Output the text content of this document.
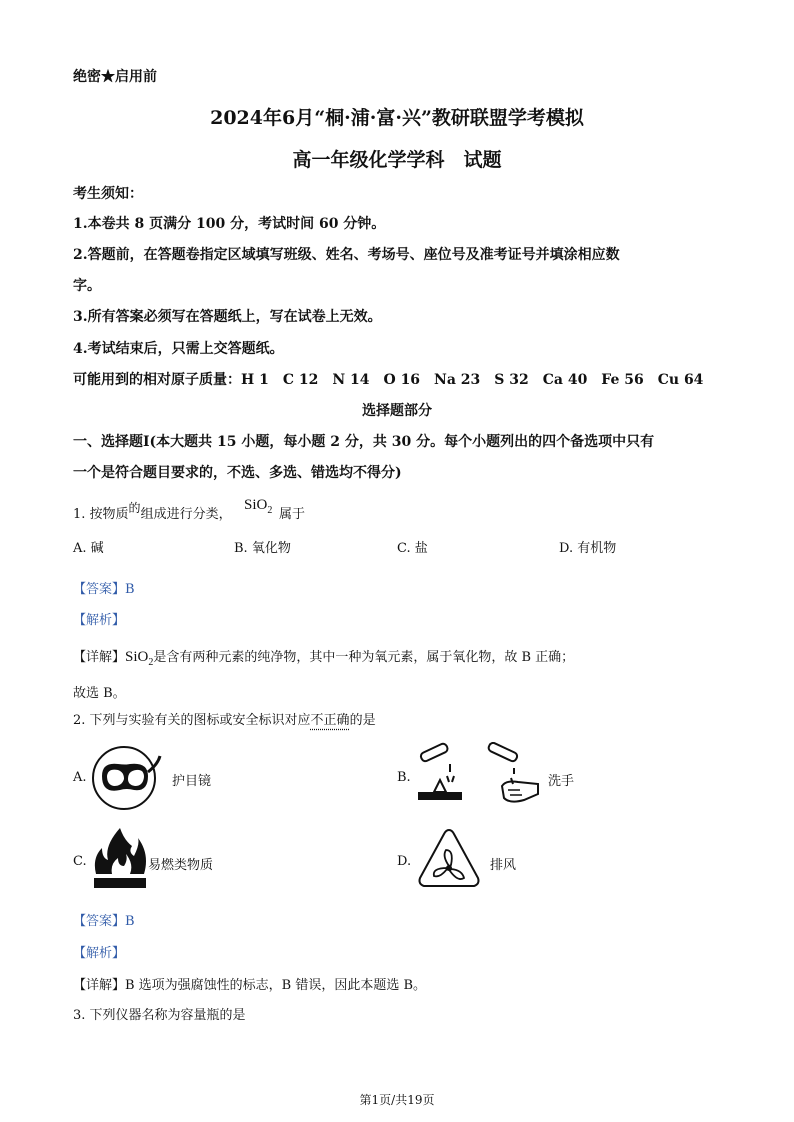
绝密★启用前
2024年6月“桐·浦·富·兴”教研联盟学考模拟
高一年级化学学科　试题
考生须知：
1.本卷共 8 页满分 100 分，考试时间 60 分钟。
2.答题前，在答题卷指定区域填写班级、姓名、考场号、座位号及准考证号并填涂相应数
字。
3.所有答案必须写在答题纸上，写在试卷上无效。
4.考试结束后，只需上交答题纸。
可能用到的相对原子质量：H 1　C 12　N 14　O 16　Na 23　S 32　Ca 40　Fe 56　Cu 64
选择题部分
一、选择题Ⅰ(本大题共 15 小题，每小题 2 分，共 30 分。每个小题列出的四个备选项中只有
一个是符合题目要求的，不选、多选、错选均不得分)
1. 按物质的组成进行分类，
SiO$_2$ 属于
A. 碱	B. 氧化物	C. 盐	D. 有机物
【答案】B
【解析】
【详解】SiO$_2$是含有两种元素的纯净物，其中一种为氧元素，属于氧化物，故 B 正确；
故选 B。
2. 下列与实验有关的图标或安全标识对应不正确的是
A.	护目镜	B.	洗手
C.	易燃类物质	D.	排风
【答案】B
【解析】
【详解】B 选项为强腐蚀性的标志，B 错误，因此本题选 B。
3. 下列仪器名称为容量瓶的是
第1页/共19页
